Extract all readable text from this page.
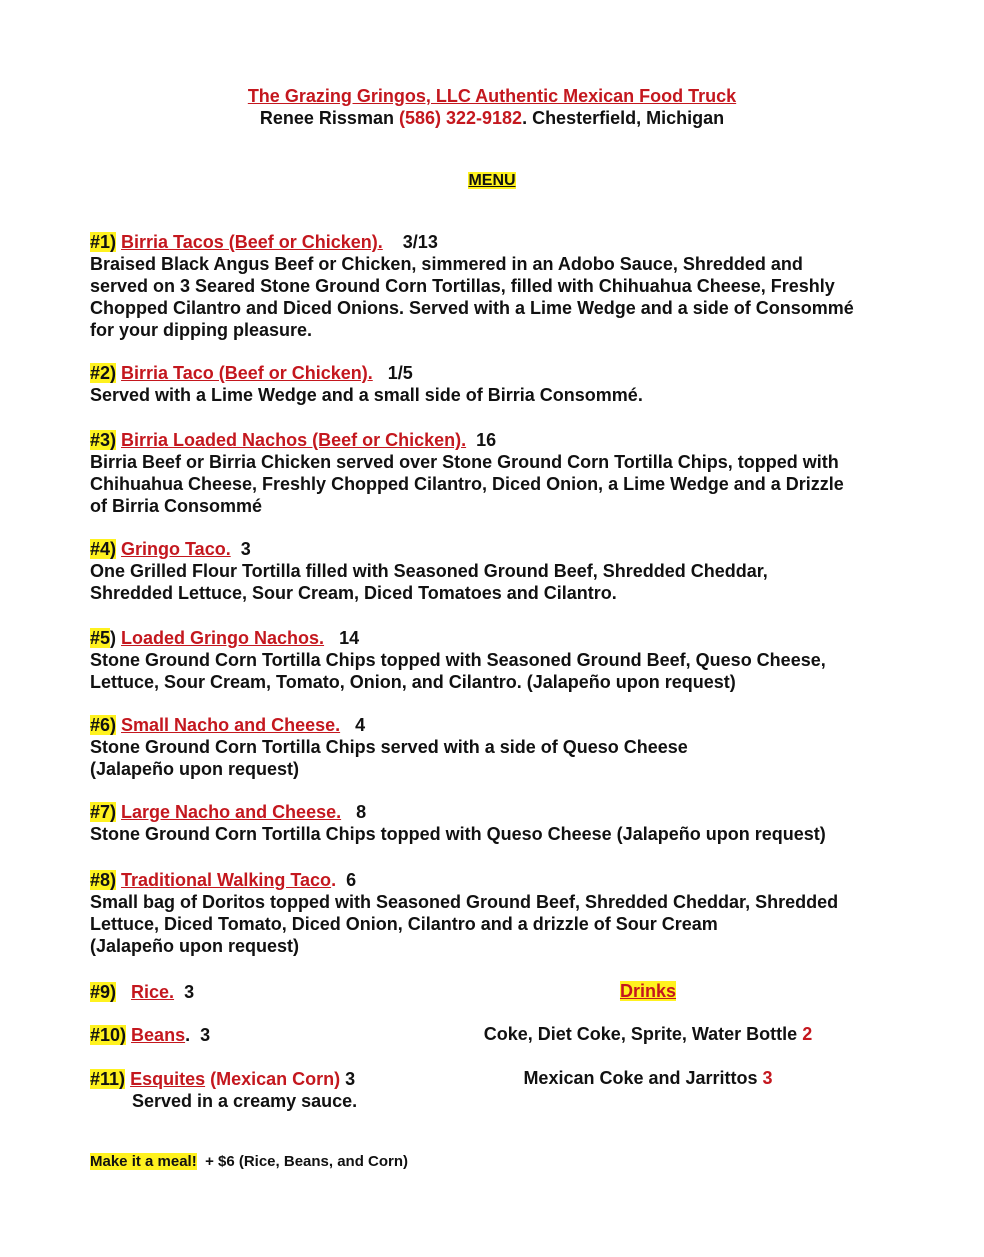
The Grazing Gringos, LLC Authentic Mexican Food Truck
Renee Rissman (586) 322-9182. Chesterfield, Michigan
MENU
#1) Birria Tacos (Beef or Chicken). 3/13
Braised Black Angus Beef or Chicken, simmered in an Adobo Sauce, Shredded and
served on 3 Seared Stone Ground Corn Tortillas, filled with Chihuahua Cheese, Freshly
Chopped Cilantro and Diced Onions. Served with a Lime Wedge and a side of Consommé
for your dipping pleasure.
#2) Birria Taco (Beef or Chicken). 1/5
Served with a Lime Wedge and a small side of Birria Consommé.
#3) Birria Loaded Nachos (Beef or Chicken). 16
Birria Beef or Birria Chicken served over Stone Ground Corn Tortilla Chips, topped with
Chihuahua Cheese, Freshly Chopped Cilantro, Diced Onion, a Lime Wedge and a Drizzle
of Birria Consommé
#4) Gringo Taco. 3
One Grilled Flour Tortilla filled with Seasoned Ground Beef, Shredded Cheddar,
Shredded Lettuce, Sour Cream, Diced Tomatoes and Cilantro.
#5) Loaded Gringo Nachos. 14
Stone Ground Corn Tortilla Chips topped with Seasoned Ground Beef, Queso Cheese,
Lettuce, Sour Cream, Tomato, Onion, and Cilantro. (Jalapeño upon request)
#6) Small Nacho and Cheese. 4
Stone Ground Corn Tortilla Chips served with a side of Queso Cheese
(Jalapeño upon request)
#7) Large Nacho and Cheese. 8
Stone Ground Corn Tortilla Chips topped with Queso Cheese (Jalapeño upon request)
#8) Traditional Walking Taco. 6
Small bag of Doritos topped with Seasoned Ground Beef, Shredded Cheddar, Shredded
Lettuce, Diced Tomato, Diced Onion, Cilantro and a drizzle of Sour Cream
(Jalapeño upon request)
#9) Rice. 3
#10) Beans.  3
#11) Esquites (Mexican Corn) 3
Served in a creamy sauce.
Drinks
Coke, Diet Coke, Sprite, Water Bottle 2
Mexican Coke and Jarrittos 3
Make it a meal! + $6 (Rice, Beans, and Corn)
